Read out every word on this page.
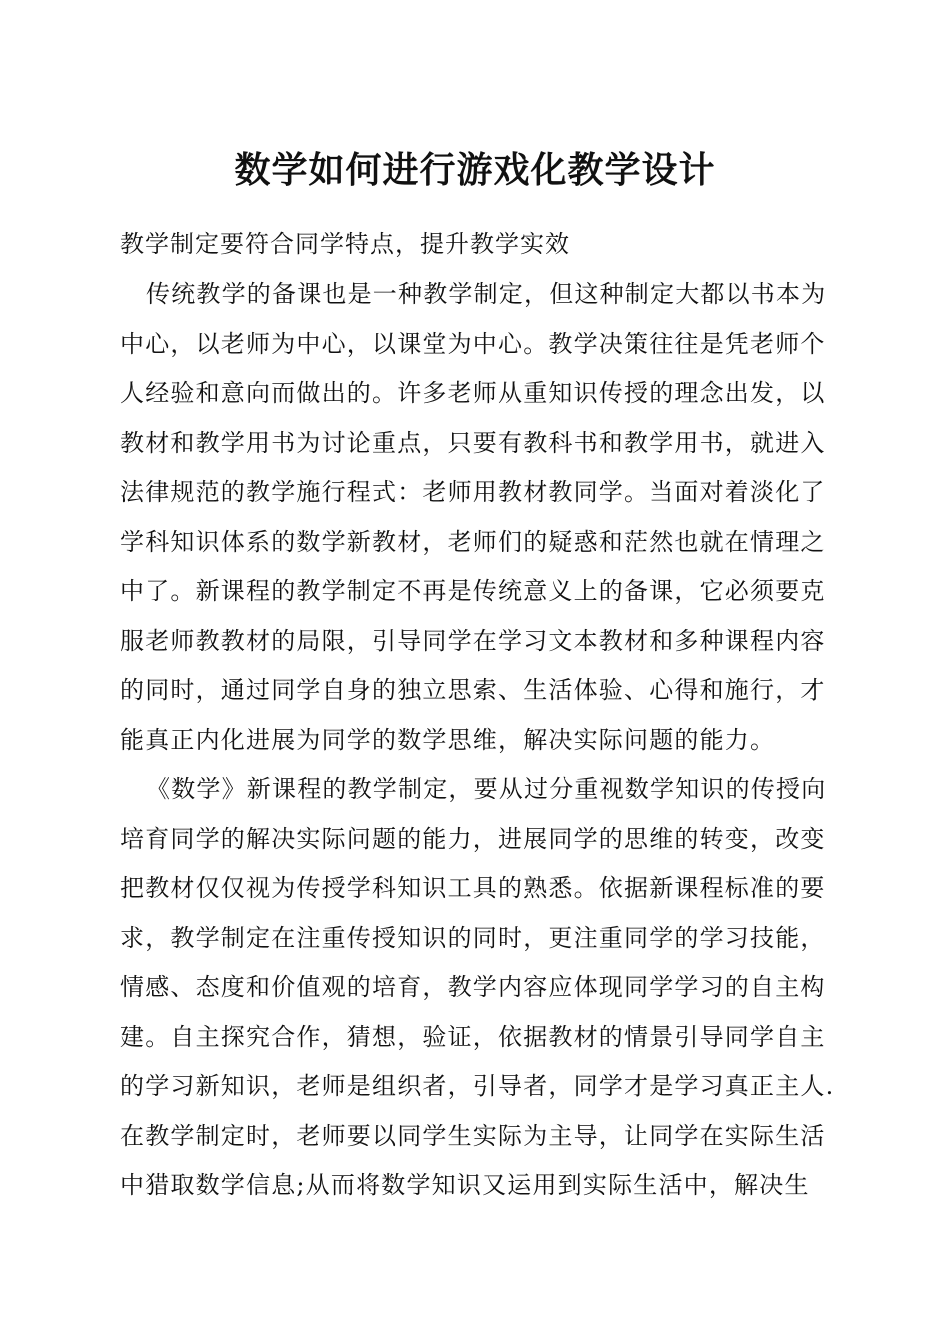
数学如何进行游戏化教学设计
教学制定要符合同学特点，提升教学实效
传统教学的备课也是一种教学制定，但这种制定大都以书本为
中心，以老师为中心，以课堂为中心。教学决策往往是凭老师个
人经验和意向而做出的。许多老师从重知识传授的理念出发，以
教材和教学用书为讨论重点，只要有教科书和教学用书，就进入
法律规范的教学施行程式：老师用教材教同学。当面对着淡化了
学科知识体系的数学新教材，老师们的疑惑和茫然也就在情理之
中了。新课程的教学制定不再是传统意义上的备课，它必须要克
服老师教教材的局限，引导同学在学习文本教材和多种课程内容
的同时，通过同学自身的独立思索、生活体验、心得和施行，才
能真正内化进展为同学的数学思维，解决实际问题的能力。
《数学》新课程的教学制定，要从过分重视数学知识的传授向
培育同学的解决实际问题的能力，进展同学的思维的转变，改变
把教材仅仅视为传授学科知识工具的熟悉。依据新课程标准的要
求，教学制定在注重传授知识的同时，更注重同学的学习技能，
情感、态度和价值观的培育，教学内容应体现同学学习的自主构
建。自主探究合作，猜想，验证，依据教材的情景引导同学自主
的学习新知识，老师是组织者，引导者，同学才是学习真正主人.
在教学制定时，老师要以同学生实际为主导，让同学在实际生活
中猎取数学信息;从而将数学知识又运用到实际生活中，解决生
